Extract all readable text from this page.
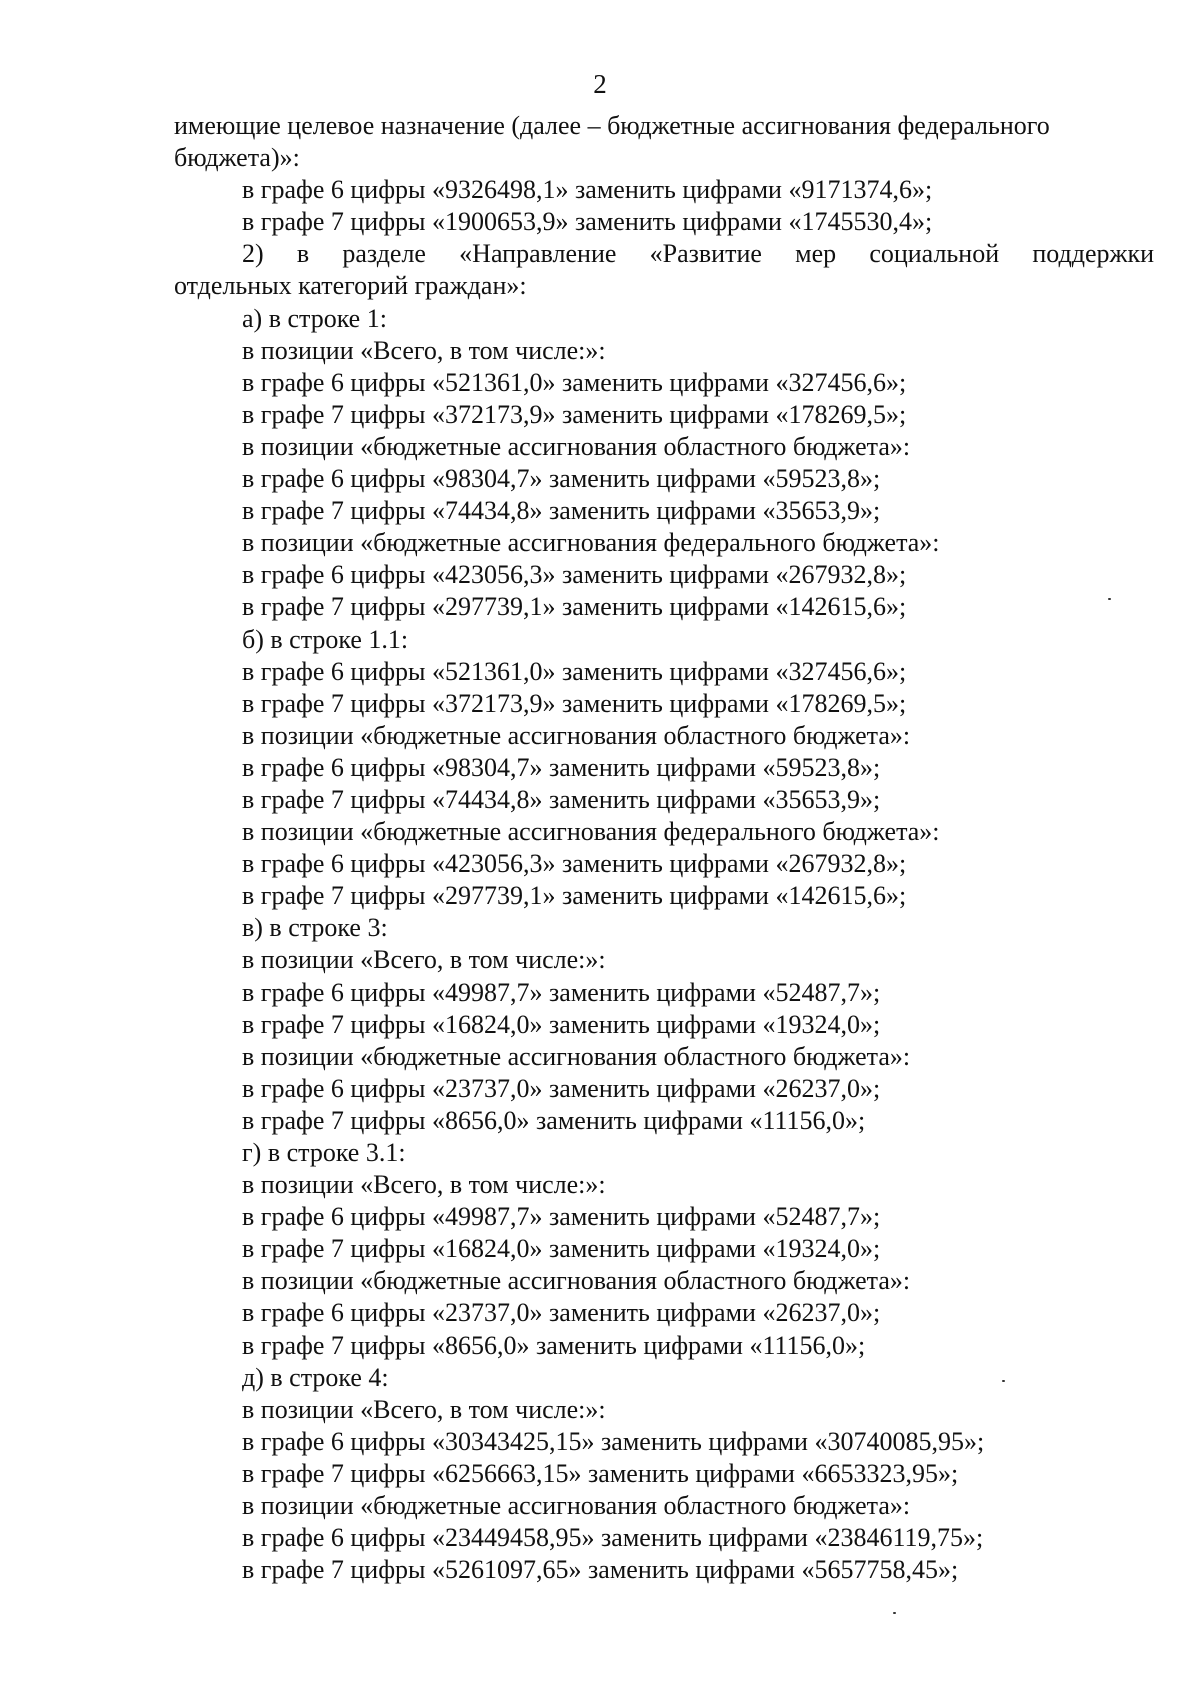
2
имеющие целевое назначение (далее – бюджетные ассигнования федерального
бюджета)»:
в графе 6 цифры «9326498,1» заменить цифрами «9171374,6»;
в графе 7 цифры «1900653,9» заменить цифрами «1745530,4»;
2) в разделе «Направление «Развитие мер социальной поддержки
отдельных категорий граждан»:
а) в строке 1:
в позиции «Всего, в том числе:»:
в графе 6 цифры «521361,0» заменить цифрами «327456,6»;
в графе 7 цифры «372173,9» заменить цифрами «178269,5»;
в позиции «бюджетные ассигнования областного бюджета»:
в графе 6 цифры «98304,7» заменить цифрами «59523,8»;
в графе 7 цифры «74434,8» заменить цифрами «35653,9»;
в позиции «бюджетные ассигнования федерального бюджета»:
в графе 6 цифры «423056,3» заменить цифрами «267932,8»;
в графе 7 цифры «297739,1» заменить цифрами «142615,6»;
б) в строке 1.1:
в графе 6 цифры «521361,0» заменить цифрами «327456,6»;
в графе 7 цифры «372173,9» заменить цифрами «178269,5»;
в позиции «бюджетные ассигнования областного бюджета»:
в графе 6 цифры «98304,7» заменить цифрами «59523,8»;
в графе 7 цифры «74434,8» заменить цифрами «35653,9»;
в позиции «бюджетные ассигнования федерального бюджета»:
в графе 6 цифры «423056,3» заменить цифрами «267932,8»;
в графе 7 цифры «297739,1» заменить цифрами «142615,6»;
в) в строке 3:
в позиции «Всего, в том числе:»:
в графе 6 цифры «49987,7» заменить цифрами «52487,7»;
в графе 7 цифры «16824,0» заменить цифрами «19324,0»;
в позиции «бюджетные ассигнования областного бюджета»:
в графе 6 цифры «23737,0» заменить цифрами «26237,0»;
в графе 7 цифры «8656,0» заменить цифрами «11156,0»;
г) в строке 3.1:
в позиции «Всего, в том числе:»:
в графе 6 цифры «49987,7» заменить цифрами «52487,7»;
в графе 7 цифры «16824,0» заменить цифрами «19324,0»;
в позиции «бюджетные ассигнования областного бюджета»:
в графе 6 цифры «23737,0» заменить цифрами «26237,0»;
в графе 7 цифры «8656,0» заменить цифрами «11156,0»;
д) в строке 4:
в позиции «Всего, в том числе:»:
в графе 6 цифры «30343425,15» заменить цифрами «30740085,95»;
в графе 7 цифры «6256663,15» заменить цифрами «6653323,95»;
в позиции «бюджетные ассигнования областного бюджета»:
в графе 6 цифры «23449458,95» заменить цифрами «23846119,75»;
в графе 7 цифры «5261097,65» заменить цифрами «5657758,45»;
